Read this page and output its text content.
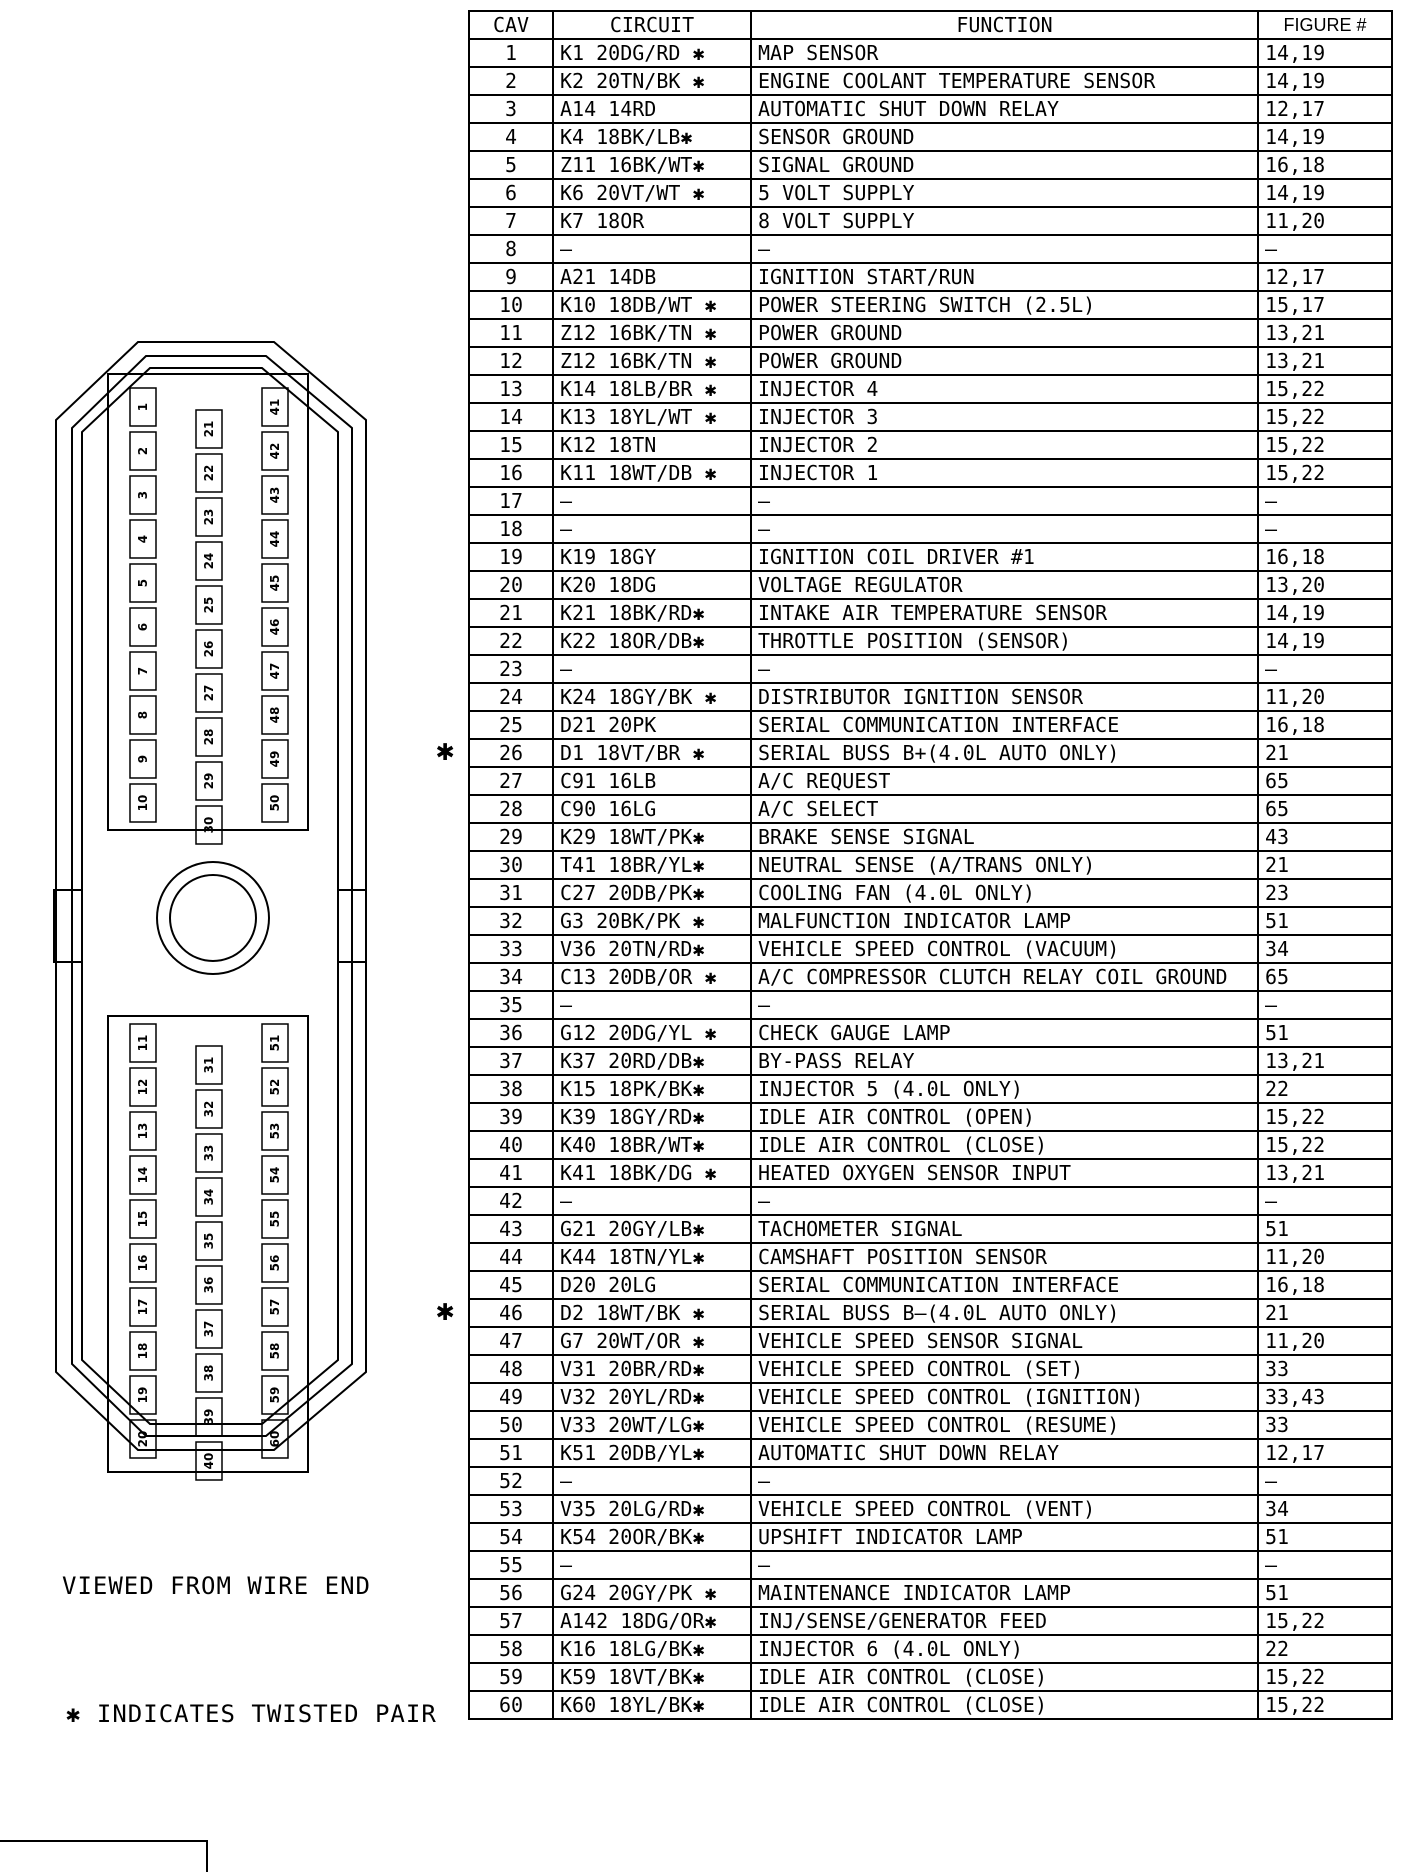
1
2
3
4
5
6
7
8
9
10
21
22
23
24
25
26
27
28
29
30
41
42
43
44
45
46
47
48
49
50
11
12
13
14
15
16
17
18
19
20
31
32
33
34
35
36
37
38
39
40
51
52
53
54
55
56
57
58
59
60
VIEWED FROM WIRE END
✱ INDICATES TWISTED PAIR
✱
✱
CAV	CIRCUIT	FUNCTION	FIGURE #
1	K1 20DG/RD ✱	MAP SENSOR	14,19
2	K2 20TN/BK ✱	ENGINE COOLANT TEMPERATURE SENSOR	14,19
3	A14 14RD	AUTOMATIC SHUT DOWN RELAY	12,17
4	K4 18BK/LB✱	SENSOR GROUND	14,19
5	Z11 16BK/WT✱	SIGNAL GROUND	16,18
6	K6 20VT/WT ✱	5 VOLT SUPPLY	14,19
7	K7 18OR	8 VOLT SUPPLY	11,20
8	—	—	—
9	A21 14DB	IGNITION START/RUN	12,17
10	K10 18DB/WT ✱	POWER STEERING SWITCH (2.5L)	15,17
11	Z12 16BK/TN ✱	POWER GROUND	13,21
12	Z12 16BK/TN ✱	POWER GROUND	13,21
13	K14 18LB/BR ✱	INJECTOR 4	15,22
14	K13 18YL/WT ✱	INJECTOR 3	15,22
15	K12 18TN	INJECTOR 2	15,22
16	K11 18WT/DB ✱	INJECTOR 1	15,22
17	—	—	—
18	—	—	—
19	K19 18GY	IGNITION COIL DRIVER #1	16,18
20	K20 18DG	VOLTAGE REGULATOR	13,20
21	K21 18BK/RD✱	INTAKE AIR TEMPERATURE SENSOR	14,19
22	K22 18OR/DB✱	THROTTLE POSITION (SENSOR)	14,19
23	—	—	—
24	K24 18GY/BK ✱	DISTRIBUTOR IGNITION SENSOR	11,20
25	D21 20PK	SERIAL COMMUNICATION INTERFACE	16,18
26	D1 18VT/BR ✱	SERIAL BUSS B+(4.0L AUTO ONLY)	21
27	C91 16LB	A/C REQUEST	65
28	C90 16LG	A/C SELECT	65
29	K29 18WT/PK✱	BRAKE SENSE SIGNAL	43
30	T41 18BR/YL✱	NEUTRAL SENSE (A/TRANS ONLY)	21
31	C27 20DB/PK✱	COOLING FAN (4.0L ONLY)	23
32	G3 20BK/PK ✱	MALFUNCTION INDICATOR LAMP	51
33	V36 20TN/RD✱	VEHICLE SPEED CONTROL (VACUUM)	34
34	C13 20DB/OR ✱	A/C COMPRESSOR CLUTCH RELAY COIL GROUND	65
35	—	—	—
36	G12 20DG/YL ✱	CHECK GAUGE LAMP	51
37	K37 20RD/DB✱	BY-PASS RELAY	13,21
38	K15 18PK/BK✱	INJECTOR 5 (4.0L ONLY)	22
39	K39 18GY/RD✱	IDLE AIR CONTROL (OPEN)	15,22
40	K40 18BR/WT✱	IDLE AIR CONTROL (CLOSE)	15,22
41	K41 18BK/DG ✱	HEATED OXYGEN SENSOR INPUT	13,21
42	—	—	—
43	G21 20GY/LB✱	TACHOMETER SIGNAL	51
44	K44 18TN/YL✱	CAMSHAFT POSITION SENSOR	11,20
45	D20 20LG	SERIAL COMMUNICATION INTERFACE	16,18
46	D2 18WT/BK ✱	SERIAL BUSS B—(4.0L AUTO ONLY)	21
47	G7 20WT/OR ✱	VEHICLE SPEED SENSOR SIGNAL	11,20
48	V31 20BR/RD✱	VEHICLE SPEED CONTROL (SET)	33
49	V32 20YL/RD✱	VEHICLE SPEED CONTROL (IGNITION)	33,43
50	V33 20WT/LG✱	VEHICLE SPEED CONTROL (RESUME)	33
51	K51 20DB/YL✱	AUTOMATIC SHUT DOWN RELAY	12,17
52	—	—	—
53	V35 20LG/RD✱	VEHICLE SPEED CONTROL (VENT)	34
54	K54 20OR/BK✱	UPSHIFT INDICATOR LAMP	51
55	—	—	—
56	G24 20GY/PK ✱	MAINTENANCE INDICATOR LAMP	51
57	A142 18DG/OR✱	INJ/SENSE/GENERATOR FEED	15,22
58	K16 18LG/BK✱	INJECTOR 6 (4.0L ONLY)	22
59	K59 18VT/BK✱	IDLE AIR CONTROL (CLOSE)	15,22
60	K60 18YL/BK✱	IDLE AIR CONTROL (CLOSE)	15,22
